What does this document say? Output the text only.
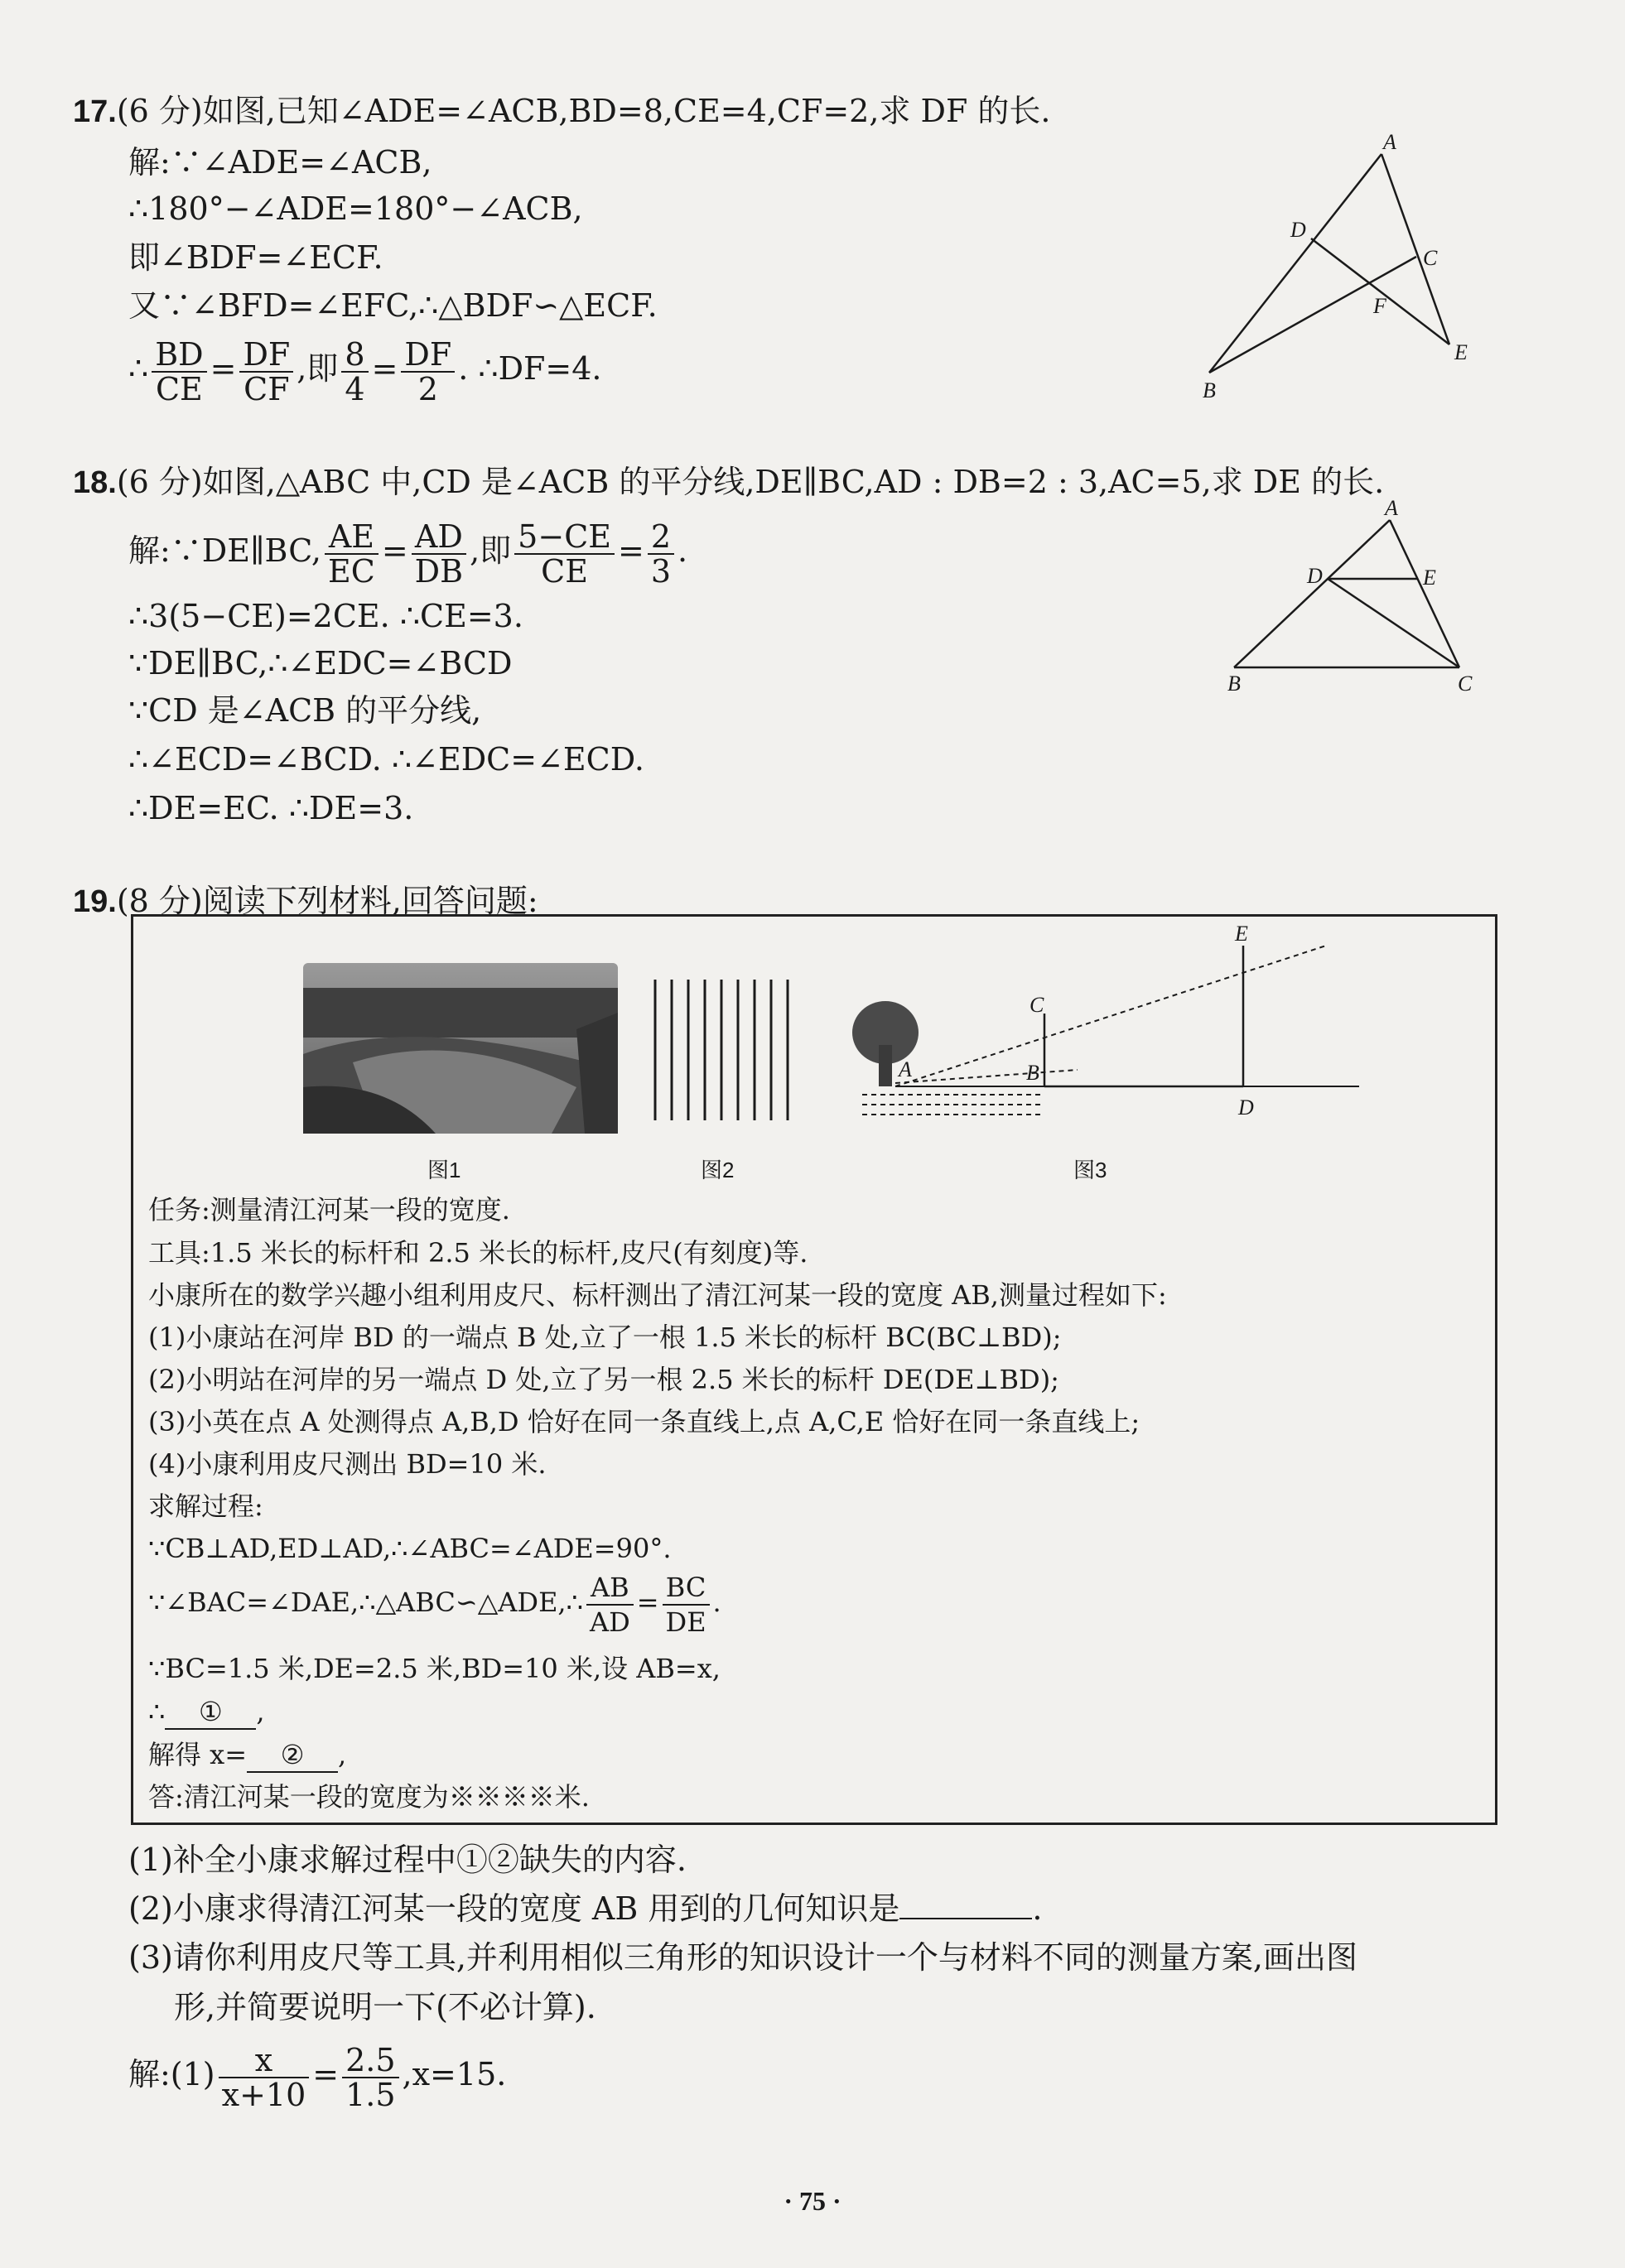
17.(6 分)如图,已知∠ADE=∠ACB,BD=8,CE=4,CF=2,求 DF 的长.
解:∵∠ADE=∠ACB,
∴180°−∠ADE=180°−∠ACB,
即∠BDF=∠ECF.
又∵∠BFD=∠EFC,∴△BDF∽△ECF.
∴ $\frac{BD}{CE} = \frac{DF}{CF}$ ,即 $\frac{8}{4} = \frac{DF}{2}$ . ∴DF=4.
A
D
C
F
E
B
18.(6 分)如图,△ABC 中,CD 是∠ACB 的平分线,DE∥BC,AD : DB=2 : 3,AC=5,求 DE 的长.
解:∵DE∥BC, $\frac{AE}{EC} = \frac{AD}{DB}$ ,即 $\frac{5-CE}{CE} = \frac{2}{3}$ .
∴3(5−CE)=2CE. ∴CE=3.
∵DE∥BC,∴∠EDC=∠BCD
∵CD 是∠ACB 的平分线,
∴∠ECD=∠BCD. ∴∠EDC=∠ECD.
∴DE=EC. ∴DE=3.
A
D	E
B	C
19.(8 分)阅读下列材料,回答问题:
A	B
C
E
D
图1	图2	图3
任务:测量清江河某一段的宽度.
工具:1.5 米长的标杆和 2.5 米长的标杆,皮尺(有刻度)等.
小康所在的数学兴趣小组利用皮尺、标杆测出了清江河某一段的宽度 AB,测量过程如下:
(1)小康站在河岸 BD 的一端点 B 处,立了一根 1.5 米长的标杆 BC(BC⊥BD);
(2)小明站在河岸的另一端点 D 处,立了另一根 2.5 米长的标杆 DE(DE⊥BD);
(3)小英在点 A 处测得点 A,B,D 恰好在同一条直线上,点 A,C,E 恰好在同一条直线上;
(4)小康利用皮尺测出 BD=10 米.
求解过程:
∵CB⊥AD,ED⊥AD,∴∠ABC=∠ADE=90°.
∵∠BAC=∠DAE,∴△ABC∽△ADE,∴ $\frac{AB}{AD} = \frac{BC}{DE}$ .
∵BC=1.5 米,DE=2.5 米,BD=10 米,设 AB=x,
∴ ① ,
解得 x= ② ,
答:清江河某一段的宽度为※※※※米.
(1)补全小康求解过程中①②缺失的内容.
(2)小康求得清江河某一段的宽度 AB 用到的几何知识是	.
(3)请你利用皮尺等工具,并利用相似三角形的知识设计一个与材料不同的测量方案,画出图
形,并简要说明一下(不必计算).
解:(1) $\frac{x}{x+10} = \frac{2.5}{1.5} ,x=15$.
· 75 ·
